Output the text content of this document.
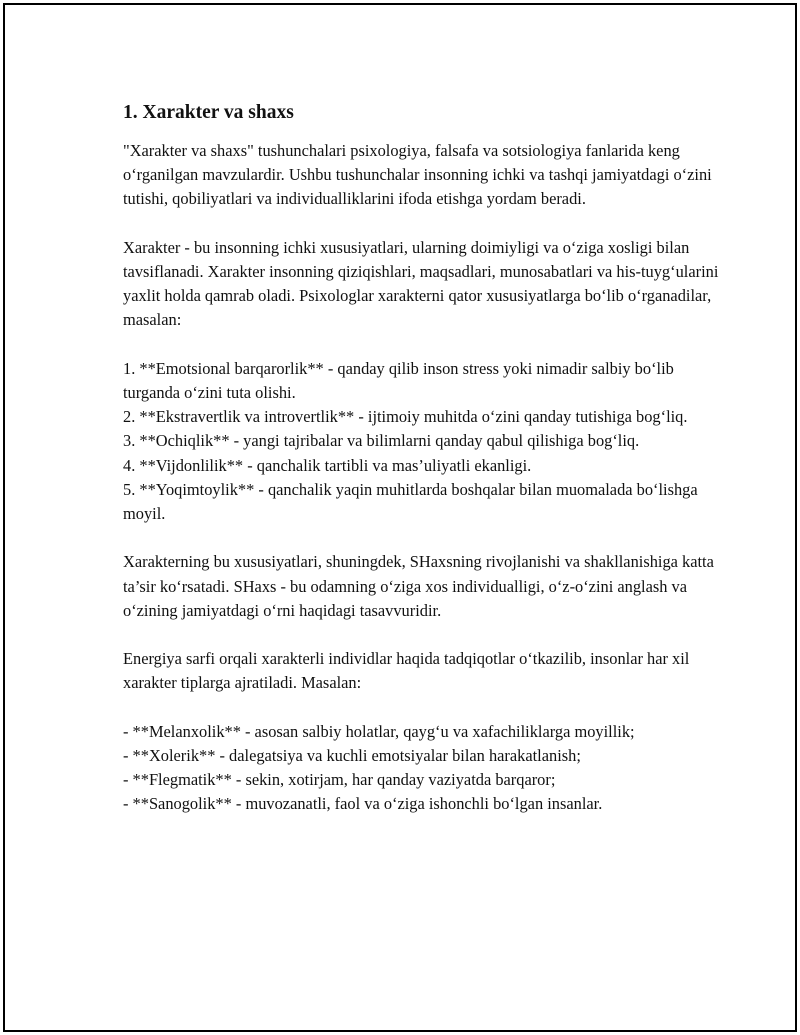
1. Xarakter va shaxs

"Xarakter va shaxs" tushunchalari psixologiya, falsafa va sotsiologiya fanlarida keng o‘rganilgan mavzulardir. Ushbu tushunchalar insonning ichki va tashqi jamiyatdagi o‘zini tutishi, qobiliyatlari va individualliklarini ifoda etishga yordam beradi.

Xarakter - bu insonning ichki xususiyatlari, ularning doimiyligi va o‘ziga xosligi bilan tavsiflanadi. Xarakter insonning qiziqishlari, maqsadlari, munosabatlari va his-tuyg‘ularini yaxlit holda qamrab oladi. Psixologlar xarakterni qator xususiyatlarga bo‘lib o‘rganadilar, masalan:

1. **Emotsional barqarorlik** - qanday qilib inson stress yoki nimadir salbiy bo‘lib turganda o‘zini tuta olishi.
2. **Ekstravertlik va introvertlik** - ijtimoiy muhitda o‘zini qanday tutishiga bog‘liq.
3. **Ochiqlik** - yangi tajribalar va bilimlarni qanday qabul qilishiga bog‘liq.
4. **Vijdonlilik** - qanchalik tartibli va mas’uliyatli ekanligi.
5. **Yoqimtoylik** - qanchalik yaqin muhitlarda boshqalar bilan muomalada bo‘lishga moyil.

Xarakterning bu xususiyatlari, shuningdek, SHaxsning rivojlanishi va shakllanishiga katta ta’sir ko‘rsatadi. SHaxs - bu odamning o‘ziga xos individualligi, o‘z-o‘zini anglash va o‘zining jamiyatdagi o‘rni haqidagi tasavvuridir.

Energiya sarfi orqali xarakterli individlar haqida tadqiqotlar o‘tkazilib, insonlar har xil xarakter tiplarga ajratiladi. Masalan:

- **Melanxolik** - asosan salbiy holatlar, qayg‘u va xafachiliklarga moyillik;
- **Xolerik** - dalegatsiya va kuchli emotsiyalar bilan harakatlanish;
- **Flegmatik** - sekin, xotirjam, har qanday vaziyatda barqaror;
- **Sanogolik** - muvozanatli, faol va o‘ziga ishonchli bo‘lgan insanlar.
